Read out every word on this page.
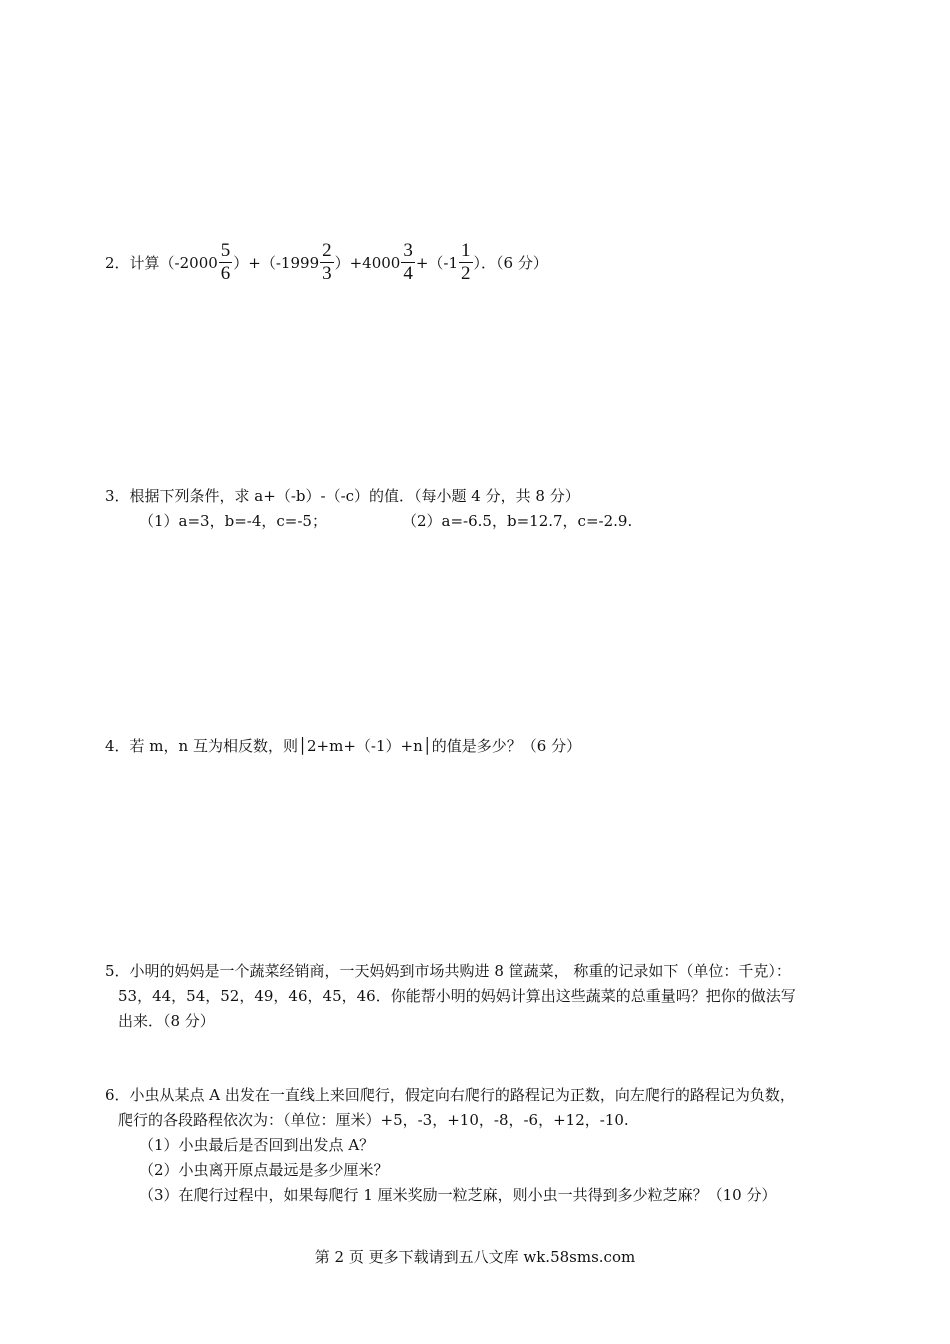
2．计算$(-2000 \frac{5}{6} )+(-1999 \frac{2}{3} )+4000 \frac{3}{4} +(-1 \frac{1}{2}$ ）．（6 分）
3．根据下列条件，求 a+（-b）-（-c）的值．（每小题 4 分，共 8 分）
（1）a=3，b=-4，c=-5；	（2）a=-6.5，b=12.7，c=-2.9.
4．若 m，n 互为相反数，则│2+m+（-1）+n│的值是多少？（6 分）
5．小明的妈妈是一个蔬菜经销商，一天妈妈到市场共购进 8 筐蔬菜， 称重的记录如下（单位：千克）：
53，44，54，52，49，46，45，46．你能帮小明的妈妈计算出这些蔬菜的总重量吗？把你的做法写
出来．（8 分）
6．小虫从某点 A 出发在一直线上来回爬行，假定向右爬行的路程记为正数，向左爬行的路程记为负数，
爬行的各段路程依次为：（单位：厘米）+5，-3，+10，-8，-6，+12，-10.
（1）小虫最后是否回到出发点 A？
（2）小虫离开原点最远是多少厘米？
（3）在爬行过程中，如果每爬行 1 厘米奖励一粒芝麻，则小虫一共得到多少粒芝麻？（10 分）
第 2 页 更多下载请到五八文库 wk.58sms.com
